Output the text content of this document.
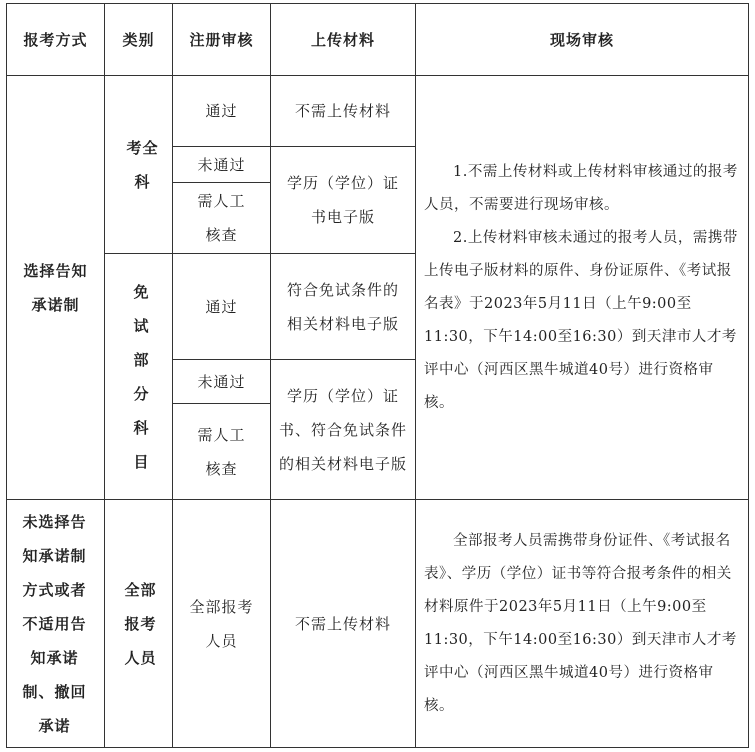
报考方式	类别	注册审核	上传材料	现场审核

选择告知承诺制	考全科	通过	不需上传材料	1.不需上传材料或上传材料审核通过的报考人员，不需要进行现场审核。

2.上传材料审核未通过的报考人员，需携带上传电子版材料的原件、身份证原件、《考试报名表》于2023年5月11日（上午9:00至11:30，下午14:00至16:30）到天津市人才考评中心（河西区黑牛城道40号）进行资格审核。

		未通过	学历（学位）证书电子版	

		需人工核查		

	免试部分科目	通过	符合免试条件的相关材料电子版	

		未通过	学历（学位）证书、符合免试条件的相关材料电子版	

		需人工核查		

未选择告知承诺制方式或者不适用告知承诺制、撤回承诺	全部报考人员	全部报考人员	不需上传材料	全部报考人员需携带身份证件、《考试报名表》、学历（学位）证书等符合报考条件的相关材料原件于2023年5月11日（上午9:00至11:30，下午14:00至16:30）到天津市人才考评中心（河西区黑牛城道40号）进行资格审核。
